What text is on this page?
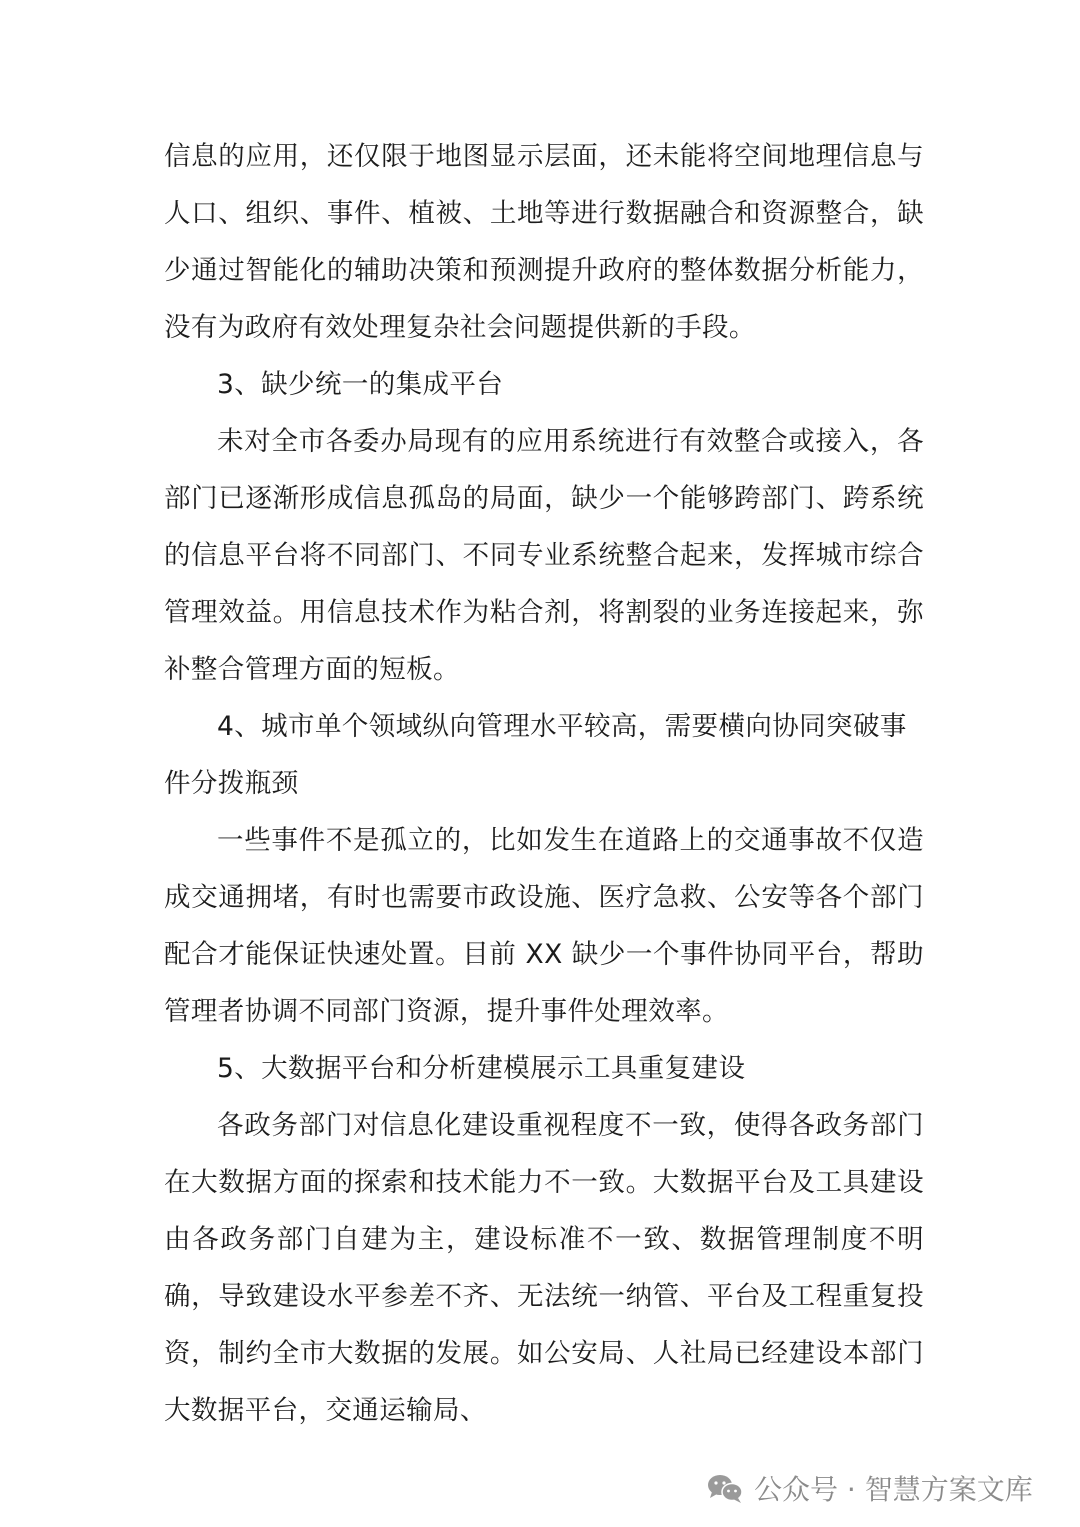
信息的应用，还仅限于地图显示层面，还未能将空间地理信息与人口、组织、事件、植被、土地等进行数据融合和资源整合，缺少通过智能化的辅助决策和预测提升政府的整体数据分析能力，没有为政府有效处理复杂社会问题提供新的手段。

3、缺少统一的集成平台

未对全市各委办局现有的应用系统进行有效整合或接入，各部门已逐渐形成信息孤岛的局面，缺少一个能够跨部门、跨系统的信息平台将不同部门、不同专业系统整合起来，发挥城市综合管理效益。用信息技术作为粘合剂，将割裂的业务连接起来，弥补整合管理方面的短板。

4、城市单个领域纵向管理水平较高，需要横向协同突破事件分拨瓶颈

一些事件不是孤立的，比如发生在道路上的交通事故不仅造成交通拥堵，有时也需要市政设施、医疗急救、公安等各个部门配合才能保证快速处置。目前 XX 缺少一个事件协同平台，帮助管理者协调不同部门资源，提升事件处理效率。

5、大数据平台和分析建模展示工具重复建设

各政务部门对信息化建设重视程度不一致，使得各政务部门在大数据方面的探索和技术能力不一致。大数据平台及工具建设由各政务部门自建为主，建设标准不一致、数据管理制度不明确，导致建设水平参差不齐、无法统一纳管、平台及工程重复投资，制约全市大数据的发展。如公安局、人社局已经建设本部门大数据平台，交通运输局、

公众号 · 智慧方案文库
